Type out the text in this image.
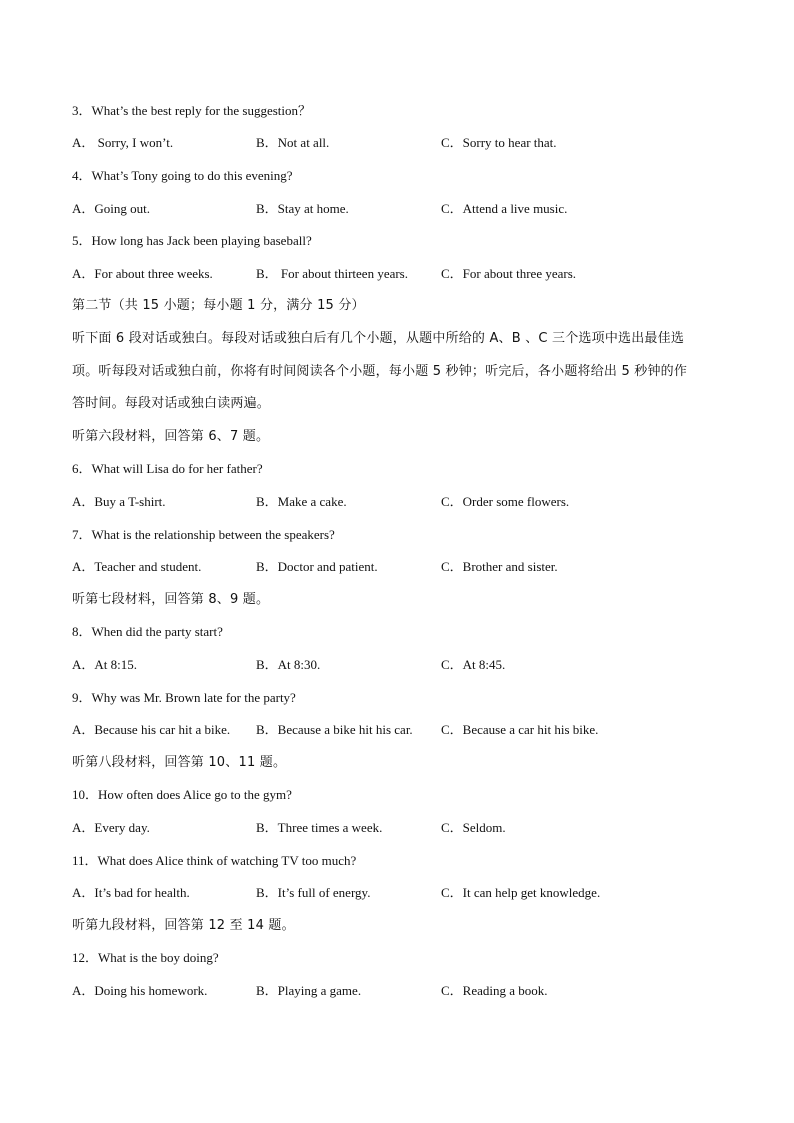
3．What’s the best reply for the suggestion？
A． Sorry, I won’t.	B．Not at all.	C．Sorry to hear that.
4．What’s Tony going to do this evening?
A．Going out.	B．Stay at home.	C．Attend a live music.
5．How long has Jack been playing baseball?
A．For about three weeks.	B． For about thirteen years.	C．For about three years.
第二节（共 15 小题；每小题 1 分，满分 15 分）
听下面 6 段对话或独白。每段对话或独白后有几个小题，从题中所给的 A、B 、C 三个选项中选出最佳选
项。听每段对话或独白前，你将有时间阅读各个小题，每小题 5 秒钟；听完后，各小题将给出 5 秒钟的作
答时间。每段对话或独白读两遍。
听第六段材料，回答第 6、7 题。
6．What will Lisa do for her father?
A．Buy a T-shirt.	B．Make a cake.	C．Order some flowers.
7．What is the relationship between the speakers?
A．Teacher and student.	B．Doctor and patient.	C．Brother and sister.
听第七段材料，回答第 8、9 题。
8．When did the party start?
A．At 8:15.	B．At 8:30.	C．At 8:45.
9．Why was Mr. Brown late for the party?
A．Because his car hit a bike. B．Because a bike hit his car. C．Because a car hit his bike.
听第八段材料，回答第 10、11 题。
10．How often does Alice go to the gym?
A．Every day.	B．Three times a week.	C．Seldom.
11．What does Alice think of watching TV too much?
A．It’s bad for health.	B．It’s full of energy.	C．It can help get knowledge.
听第九段材料，回答第 12 至 14 题。
12．What is the boy doing?
A．Doing his homework.	B．Playing a game.	C．Reading a book.
